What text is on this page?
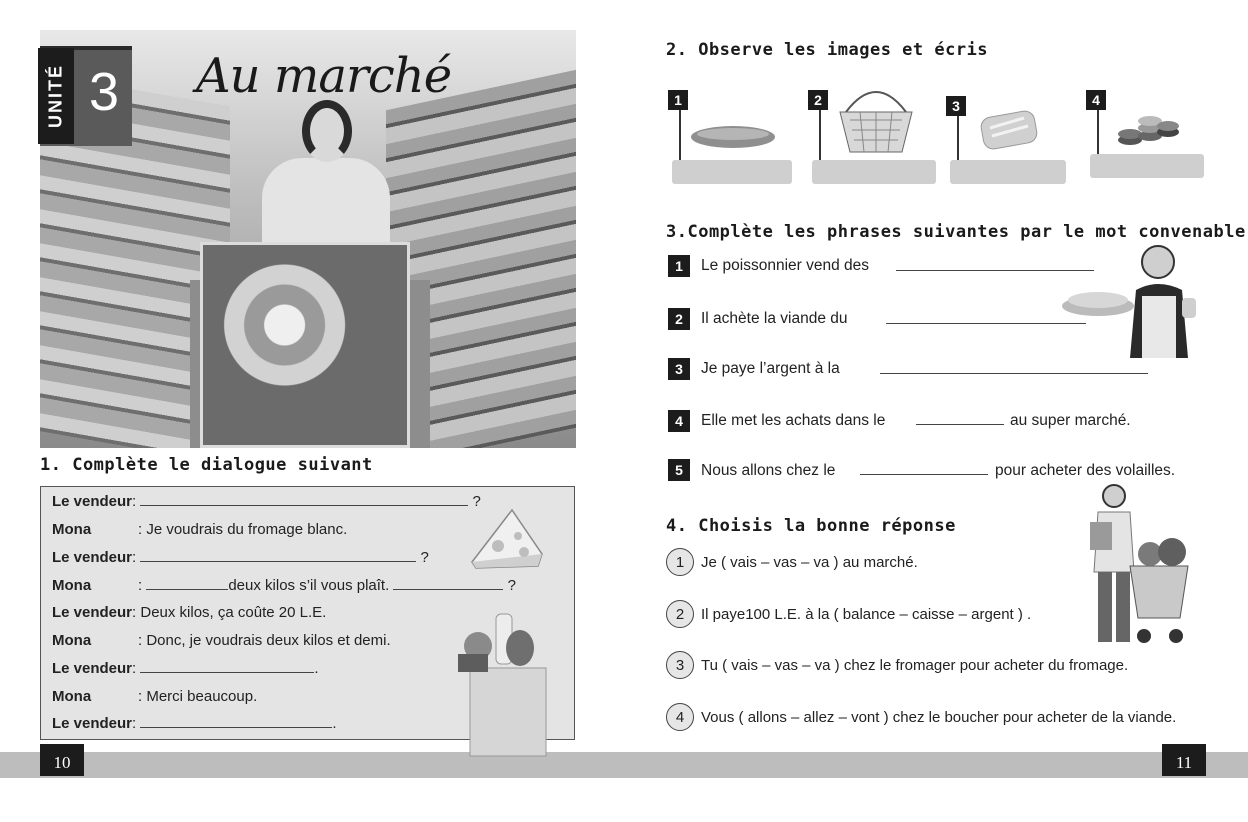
10	11
UNITÉ 3 Au marché
1. Complète le dialogue suivant
Le vendeur:	?
Mona	: Je voudrais du fromage blanc.
Le vendeur:	?
Mona	:	deux kilos s’il vous plaît.	?
Le vendeur: Deux kilos, ça coûte 20 L.E.
Mona	: Donc, je voudrais deux kilos et demi.
Le vendeur:	.
Mona	: Merci beaucoup.
Le vendeur:	.
2. Observe les images et écris
1	2	3	4
3.Complète les phrases suivantes par le mot convenable
1	Le poissonnier vend des
2	Il achète la viande du
3	Je paye l’argent à la
4	Elle met les achats dans le	au super marché.
5	Nous allons chez le	pour acheter des volailles.
4. Choisis la bonne réponse
1	Je ( vais – vas – va ) au marché.
2	Il paye100 L.E. à la ( balance – caisse – argent ) .
3	Tu ( vais – vas – va ) chez le fromager pour acheter du fromage.
4	Vous ( allons – allez – vont ) chez le boucher pour acheter de la viande.
